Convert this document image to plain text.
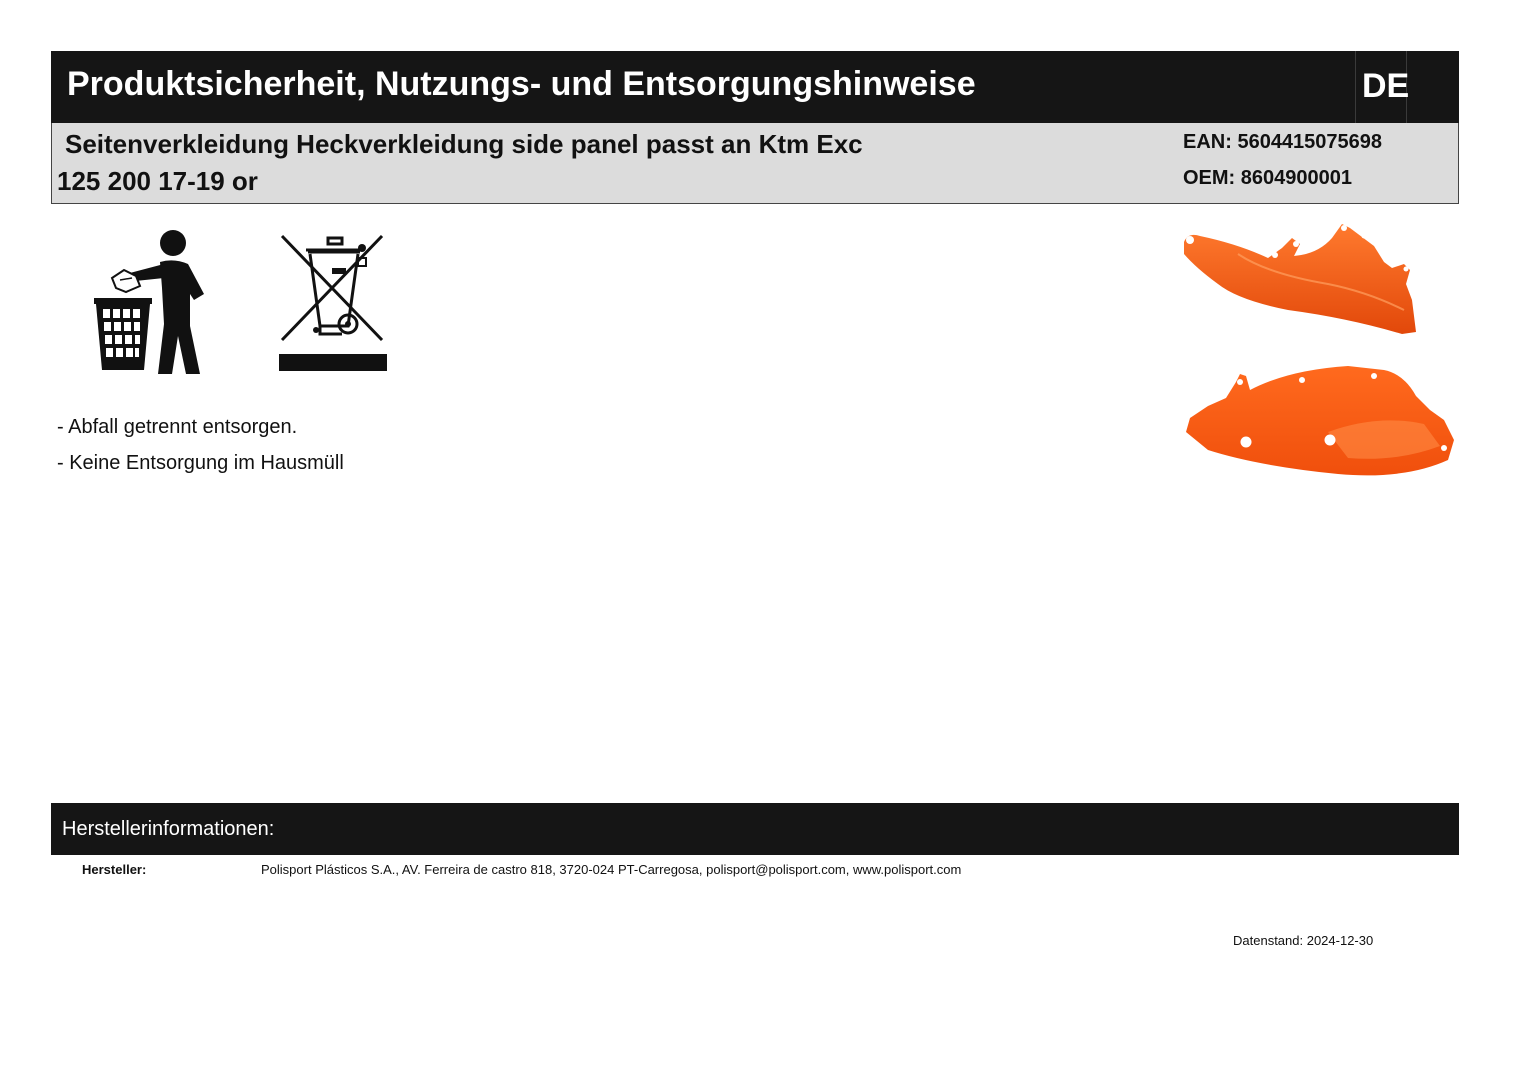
Produktsicherheit, Nutzungs- und Entsorgungshinweise	DE
Seitenverkleidung Heckverkleidung side panel passt an Ktm Exc
125 200 17-19 or
EAN: 5604415075698
OEM: 8604900001
- Abfall getrennt entsorgen.
- Keine Entsorgung im Hausmüll
Herstellerinformationen:
Hersteller:	Polisport Plásticos S.A., AV. Ferreira de castro 818, 3720-024 PT-Carregosa, polisport@polisport.com, www.polisport.com
Datenstand: 2024-12-30
